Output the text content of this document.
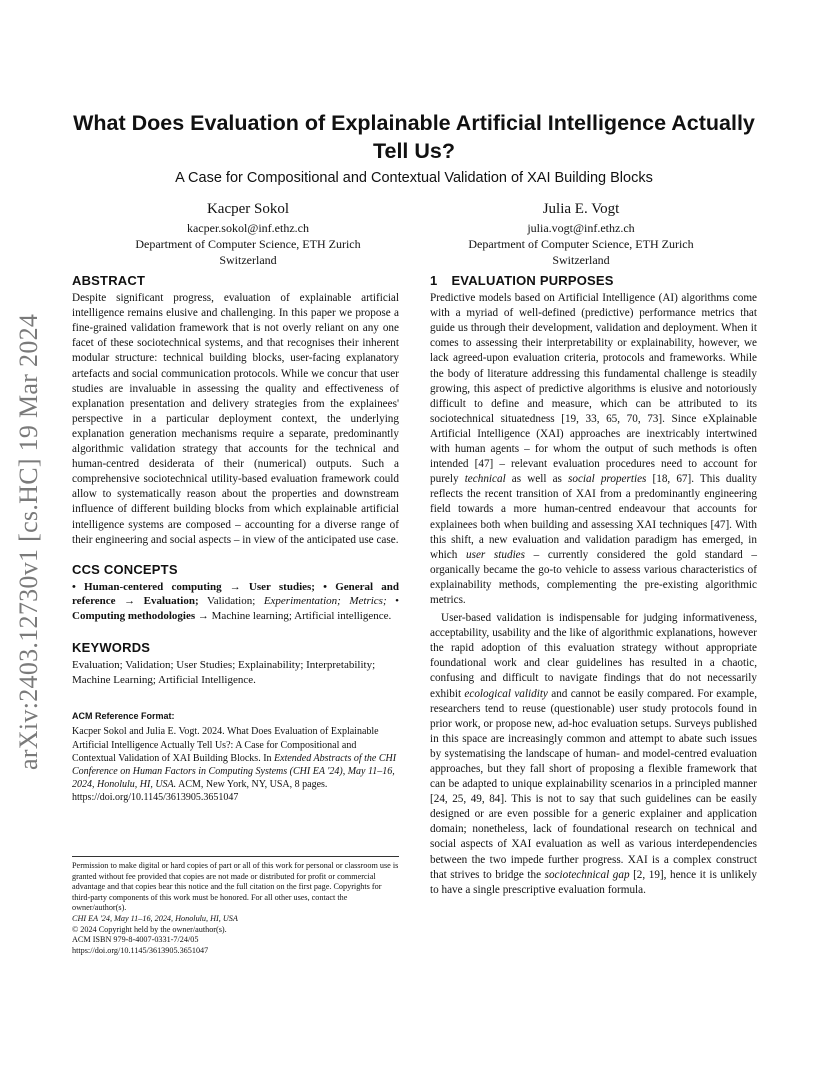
arXiv:2403.12730v1 [cs.HC] 19 Mar 2024
What Does Evaluation of Explainable Artificial Intelligence Actually Tell Us?

A Case for Compositional and Contextual Validation of XAI Building Blocks

Kacper Sokol
kacper.sokol@inf.ethz.ch
Department of Computer Science, ETH Zurich
Switzerland
Julia E. Vogt
julia.vogt@inf.ethz.ch
Department of Computer Science, ETH Zurich
Switzerland
ABSTRACT

Despite significant progress, evaluation of explainable artificial intelligence remains elusive and challenging. In this paper we propose a fine-grained validation framework that is not overly reliant on any one facet of these sociotechnical systems, and that recognises their inherent modular structure: technical building blocks, user-facing explanatory artefacts and social communication protocols. While we concur that user studies are invaluable in assessing the quality and effectiveness of explanation presentation and delivery strategies from the explainees' perspective in a particular deployment context, the underlying explanation generation mechanisms require a separate, predominantly algorithmic validation strategy that accounts for the technical and human-centred desiderata of their (numerical) outputs. Such a comprehensive sociotechnical utility-based evaluation framework could allow to systematically reason about the properties and downstream influence of different building blocks from which explainable artificial intelligence systems are composed – accounting for a diverse range of their engineering and social aspects – in view of the anticipated use case.

CCS CONCEPTS

• Human-centered computing → User studies; • General and reference → Evaluation; Validation; Experimentation; Metrics; • Computing methodologies → Machine learning; Artificial intelligence.

KEYWORDS

Evaluation; Validation; User Studies; Explainability; Interpretability; Machine Learning; Artificial Intelligence.

ACM Reference Format:

Kacper Sokol and Julia E. Vogt. 2024. What Does Evaluation of Explainable Artificial Intelligence Actually Tell Us?: A Case for Compositional and Contextual Validation of XAI Building Blocks. In Extended Abstracts of the CHI Conference on Human Factors in Computing Systems (CHI EA '24), May 11–16, 2024, Honolulu, HI, USA. ACM, New York, NY, USA, 8 pages. https://doi.org/10.1145/3613905.3651047

Permission to make digital or hard copies of part or all of this work for personal or classroom use is granted without fee provided that copies are not made or distributed for profit or commercial advantage and that copies bear this notice and the full citation on the first page. Copyrights for third-party components of this work must be honored. For all other uses, contact the owner/author(s).

CHI EA '24, May 11–16, 2024, Honolulu, HI, USA

© 2024 Copyright held by the owner/author(s).

ACM ISBN 979-8-4007-0331-7/24/05

https://doi.org/10.1145/3613905.3651047

1 EVALUATION PURPOSES

Predictive models based on Artificial Intelligence (AI) algorithms come with a myriad of well-defined (predictive) performance metrics that guide us through their development, validation and deployment. When it comes to assessing their interpretability or explainability, however, we lack agreed-upon evaluation criteria, protocols and frameworks. While the body of literature addressing this fundamental challenge is steadily growing, this aspect of predictive algorithms is elusive and notoriously difficult to define and measure, which can be attributed to its sociotechnical situatedness [19, 33, 65, 70, 73]. Since eXplainable Artificial Intelligence (XAI) approaches are inextricably intertwined with human agents – for whom the output of such methods is often intended [47] – relevant evaluation procedures need to account for purely technical as well as social properties [18, 67]. This duality reflects the recent transition of XAI from a predominantly engineering field towards a more human-centred endeavour that accounts for explainees both when building and assessing XAI techniques [47]. With this shift, a new evaluation and validation paradigm has emerged, in which user studies – currently considered the gold standard – organically became the go-to vehicle to assess various characteristics of explainability methods, complementing the pre-existing algorithmic metrics.

User-based validation is indispensable for judging informativeness, acceptability, usability and the like of algorithmic explanations, however the rapid adoption of this evaluation strategy without appropriate foundational work and clear guidelines has resulted in a chaotic, confusing and difficult to navigate findings that do not necessarily exhibit ecological validity and cannot be easily compared. For example, researchers tend to reuse (questionable) user study protocols found in prior work, or propose new, ad-hoc evaluation setups. Surveys published in this space are increasingly common and attempt to abate such issues by systematising the landscape of human- and model-centred evaluation approaches, but they fall short of proposing a flexible framework that can be adapted to unique explainability scenarios in a principled manner [24, 25, 49, 84]. This is not to say that such guidelines can be easily designed or are even possible for a generic explainer and application domain; nonetheless, lack of foundational research on technical and social aspects of XAI evaluation as well as various interdependencies between the two impede further progress. XAI is a complex construct that strives to bridge the sociotechnical gap [2, 19], hence it is unlikely to have a single prescriptive evaluation formula.
